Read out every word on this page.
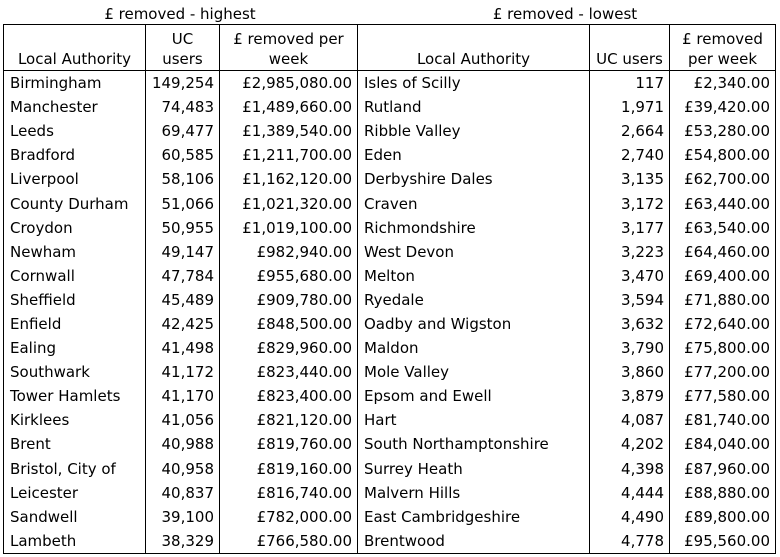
£ removed - highest	£ removed - lowest
Local Authority	UC users	£ removed per week	Local Authority	UC users	£ removed per week
Birmingham	149,254	£2,985,080.00	Isles of Scilly	117	£2,340.00
Manchester	74,483	£1,489,660.00	Rutland	1,971	£39,420.00
Leeds	69,477	£1,389,540.00	Ribble Valley	2,664	£53,280.00
Bradford	60,585	£1,211,700.00	Eden	2,740	£54,800.00
Liverpool	58,106	£1,162,120.00	Derbyshire Dales	3,135	£62,700.00
County Durham	51,066	£1,021,320.00	Craven	3,172	£63,440.00
Croydon	50,955	£1,019,100.00	Richmondshire	3,177	£63,540.00
Newham	49,147	£982,940.00	West Devon	3,223	£64,460.00
Cornwall	47,784	£955,680.00	Melton	3,470	£69,400.00
Sheffield	45,489	£909,780.00	Ryedale	3,594	£71,880.00
Enfield	42,425	£848,500.00	Oadby and Wigston	3,632	£72,640.00
Ealing	41,498	£829,960.00	Maldon	3,790	£75,800.00
Southwark	41,172	£823,440.00	Mole Valley	3,860	£77,200.00
Tower Hamlets	41,170	£823,400.00	Epsom and Ewell	3,879	£77,580.00
Kirklees	41,056	£821,120.00	Hart	4,087	£81,740.00
Brent	40,988	£819,760.00	South Northamptonshire	4,202	£84,040.00
Bristol, City of	40,958	£819,160.00	Surrey Heath	4,398	£87,960.00
Leicester	40,837	£816,740.00	Malvern Hills	4,444	£88,880.00
Sandwell	39,100	£782,000.00	East Cambridgeshire	4,490	£89,800.00
Lambeth	38,329	£766,580.00	Brentwood	4,778	£95,560.00
